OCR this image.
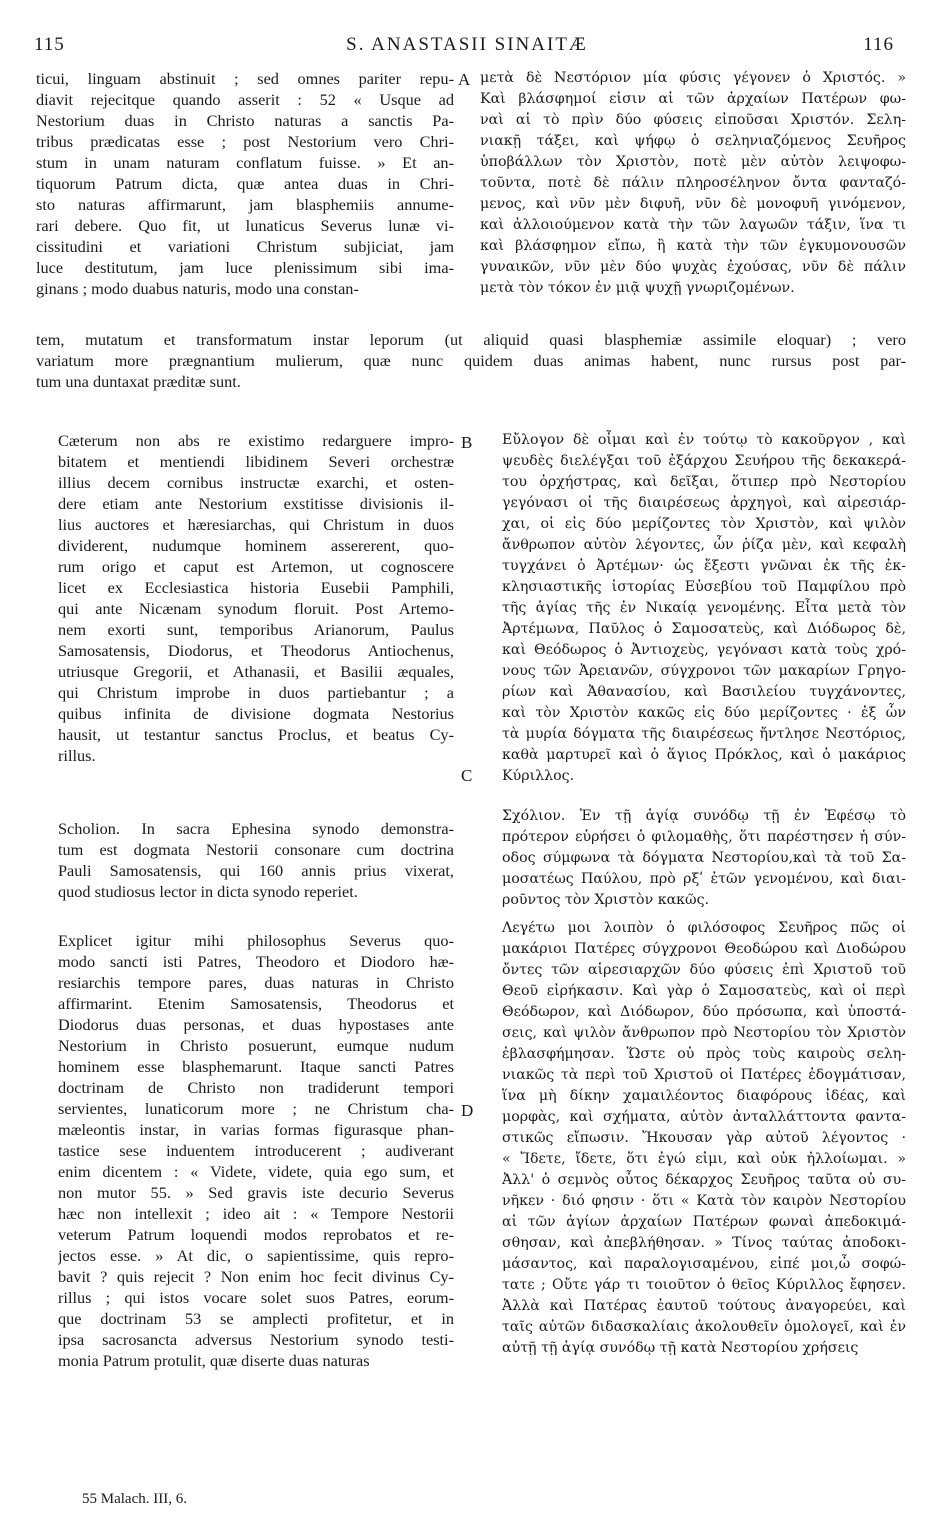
S. ANASTASII SINAITÆ
115	116
A
B
C
D
ticui, linguam abstinuit ; sed omnes pariter repu-
diavit rejecitque quando asserit : 52 « Usque ad
Nestorium duas in Christo naturas a sanctis Pa-
tribus prædicatas esse ; post Nestorium vero Chri-
stum in unam naturam conflatum fuisse. » Et an-
tiquorum Patrum dicta, quæ antea duas in Chri-
sto naturas affirmarunt, jam blasphemiis annume-
rari debere. Quo fit, ut lunaticus Severus lunæ vi-
cissitudini et variationi Christum subjiciat, jam
luce destitutum, jam luce plenissimum sibi ima-
ginans ; modo duabus naturis, modo una constan-
μετὰ δὲ Νεστόριον μία φύσις γέγονεν ὁ Χριστός. »
Καὶ βλάσφημοί εἰσιν αἱ τῶν ἀρχαίων Πατέρων φω-
ναὶ αἱ τὸ πρὶν δύο φύσεις εἰποῦσαι Χριστόν. Σελη-
νιακῇ τάξει, καὶ ψήφῳ ὁ σεληνιαζόμενος Σευῆρος
ὑποβάλλων τὸν Χριστὸν, ποτὲ μὲν αὐτὸν λειψοφω-
τοῦντα, ποτὲ δὲ πάλιν πληροσέληνον ὄντα φανταζό-
μενος, καὶ νῦν μὲν διφυῆ, νῦν δὲ μονοφυῆ γινόμενον,
καὶ ἀλλοιούμενον κατὰ τὴν τῶν λαγωῶν τάξιν, ἵνα τι
καὶ βλάσφημον εἴπω, ἢ κατὰ τὴν τῶν ἐγκυμονουσῶν
γυναικῶν, νῦν μὲν δύο ψυχὰς ἐχούσας, νῦν δὲ πάλιν
μετὰ τὸν τόκον ἐν μιᾷ ψυχῇ γνωριζομένων.
tem, mutatum et transformatum instar leporum (ut aliquid quasi blasphemiæ assimile eloquar) ; vero
variatum more prægnantium mulierum, quæ nunc quidem duas animas habent, nunc rursus post par-
tum una duntaxat præditæ sunt.
Cæterum non abs re existimo redarguere impro-
bitatem et mentiendi libidinem Severi orchestræ
illius decem cornibus instructæ exarchi, et osten-
dere etiam ante Nestorium exstitisse divisionis il-
lius auctores et hæresiarchas, qui Christum in duos
dividerent, nudumque hominem assererent, quo-
rum origo et caput est Artemon, ut cognoscere
licet ex Ecclesiastica historia Eusebii Pamphili,
qui ante Nicænam synodum floruit. Post Artemo-
nem exorti sunt, temporibus Arianorum, Paulus
Samosatensis, Diodorus, et Theodorus Antiochenus,
utriusque Gregorii, et Athanasii, et Basilii æquales,
qui Christum improbe in duos partiebantur ; a
quibus infinita de divisione dogmata Nestorius
hausit, ut testantur sanctus Proclus, et beatus Cy-
rillus.
Εὔλογον δὲ οἶμαι καὶ ἐν τούτῳ τὸ κακοῦργον , καὶ
ψευδὲς διελέγξαι τοῦ ἐξάρχου Σευήρου τῆς δεκακερά-
του ὀρχήστρας, καὶ δεῖξαι, ὅτιπερ πρὸ Νεστορίου
γεγόνασι οἱ τῆς διαιρέσεως ἀρχηγοὶ, καὶ αἱρεσιάρ-
χαι, οἱ εἰς δύο μερίζοντες τὸν Χριστὸν, καὶ ψιλὸν
ἄνθρωπον αὐτὸν λέγοντες, ὧν ῥίζα μὲν, καὶ κεφαλὴ
τυγχάνει ὁ Ἀρτέμων· ὡς ἔξεστι γνῶναι ἐκ τῆς ἐκ-
κλησιαστικῆς ἱστορίας Εὐσεβίου τοῦ Παμφίλου πρὸ
τῆς ἁγίας τῆς ἐν Νικαίᾳ γενομένης. Εἶτα μετὰ τὸν
Ἀρτέμωνα, Παῦλος ὁ Σαμοσατεὺς, καὶ Διόδωρος δὲ,
καὶ Θεόδωρος ὁ Ἀντιοχεὺς, γεγόνασι κατὰ τοὺς χρό-
νους τῶν Ἀρειανῶν, σύγχρονοι τῶν μακαρίων Γρηγο-
ρίων καὶ Ἀθανασίου, καὶ Βασιλείου τυγχάνοντες,
καὶ τὸν Χριστὸν κακῶς εἰς δύο μερίζοντες · ἐξ ὧν
τὰ μυρία δόγματα τῆς διαιρέσεως ἤντλησε Νεστόριος,
καθὰ μαρτυρεῖ καὶ ὁ ἅγιος Πρόκλος, καὶ ὁ μακάριος
Κύριλλος.
Scholion. In sacra Ephesina synodo demonstra-
tum est dogmata Nestorii consonare cum doctrina
Pauli Samosatensis, qui 160 annis prius vixerat,
quod studiosus lector in dicta synodo reperiet.
Σχόλιον. Ἐν τῇ ἁγίᾳ συνόδῳ τῇ ἐν Ἐφέσῳ τὸ
πρότερον εὑρήσει ὁ φιλομαθὴς, ὅτι παρέστησεν ἡ σύν-
οδος σύμφωνα τὰ δόγματα Νεστορίου,καὶ τὰ τοῦ Σα-
μοσατέως Παύλου, πρὸ ρξʹ ἐτῶν γενομένου, καὶ διαι-
ροῦντος τὸν Χριστὸν κακῶς.
Explicet igitur mihi philosophus Severus quo-
modo sancti isti Patres, Theodoro et Diodoro hæ-
resiarchis tempore pares, duas naturas in Christo
affirmarint. Etenim Samosatensis, Theodorus et
Diodorus duas personas, et duas hypostases ante
Nestorium in Christo posuerunt, eumque nudum
hominem esse blasphemarunt. Itaque sancti Patres
doctrinam de Christo non tradiderunt tempori
servientes, lunaticorum more ; ne Christum cha-
mæleontis instar, in varias formas figurasque phan-
tastice sese induentem introducerent ; audiverant
enim dicentem : « Videte, videte, quia ego sum, et
non mutor 55. » Sed gravis iste decurio Severus
hæc non intellexit ; ideo ait : « Tempore Nestorii
veterum Patrum loquendi modos reprobatos et re-
jectos esse. » At dic, o sapientissime, quis repro-
bavit ? quis rejecit ? Non enim hoc fecit divinus Cy-
rillus ; qui istos vocare solet suos Patres, eorum-
que doctrinam 53 se amplecti profitetur, et in
ipsa sacrosancta adversus Nestorium synodo testi-
monia Patrum protulit, quæ diserte duas naturas
Λεγέτω μοι λοιπὸν ὁ φιλόσοφος Σευῆρος πῶς οἱ
μακάριοι Πατέρες σύγχρονοι Θεοδώρου καὶ Διοδώρου
ὄντες τῶν αἱρεσιαρχῶν δύο φύσεις ἐπὶ Χριστοῦ τοῦ
Θεοῦ εἰρήκασιν. Καὶ γὰρ ὁ Σαμοσατεὺς, καὶ οἱ περὶ
Θεόδωρον, καὶ Διόδωρον, δύο πρόσωπα, καὶ ὑποστά-
σεις, καὶ ψιλὸν ἄνθρωπον πρὸ Νεστορίου τὸν Χριστὸν
ἐβλασφήμησαν. Ὥστε οὐ πρὸς τοὺς καιροὺς σελη-
νιακῶς τὰ περὶ τοῦ Χριστοῦ οἱ Πατέρες ἐδογμάτισαν,
ἵνα μὴ δίκην χαμαιλέοντος διαφόρους ἰδέας, καὶ
μορφὰς, καὶ σχήματα, αὐτὸν ἀνταλλάττοντα φαντα-
στικῶς εἴπωσιν. Ἤκουσαν γὰρ αὐτοῦ λέγοντος ·
« Ἴδετε, ἴδετε, ὅτι ἐγώ εἰμι, καὶ οὐκ ἠλλοίωμαι. »
Ἀλλ' ὁ σεμνὸς οὗτος δέκαρχος Σευῆρος ταῦτα οὐ συ-
νῆκεν · διό φησιν · ὅτι « Κατὰ τὸν καιρὸν Νεστορίου
αἱ τῶν ἁγίων ἀρχαίων Πατέρων φωναὶ ἀπεδοκιμά-
σθησαν, καὶ ἀπεβλήθησαν. » Τίνος ταύτας ἀποδοκι-
μάσαντος, καὶ παραλογισαμένου, εἰπέ μοι,ὦ σοφώ-
τατε ; Οὔτε γάρ τι τοιοῦτον ὁ θεῖος Κύριλλος ἔφησεν.
Ἀλλὰ καὶ Πατέρας ἑαυτοῦ τούτους ἀναγορεύει, καὶ
ταῖς αὐτῶν διδασκαλίαις ἀκολουθεῖν ὁμολογεῖ, καὶ ἐν
αὐτῇ τῇ ἁγίᾳ συνόδῳ τῇ κατὰ Νεστορίου χρήσεις
55 Malach. III, 6.
